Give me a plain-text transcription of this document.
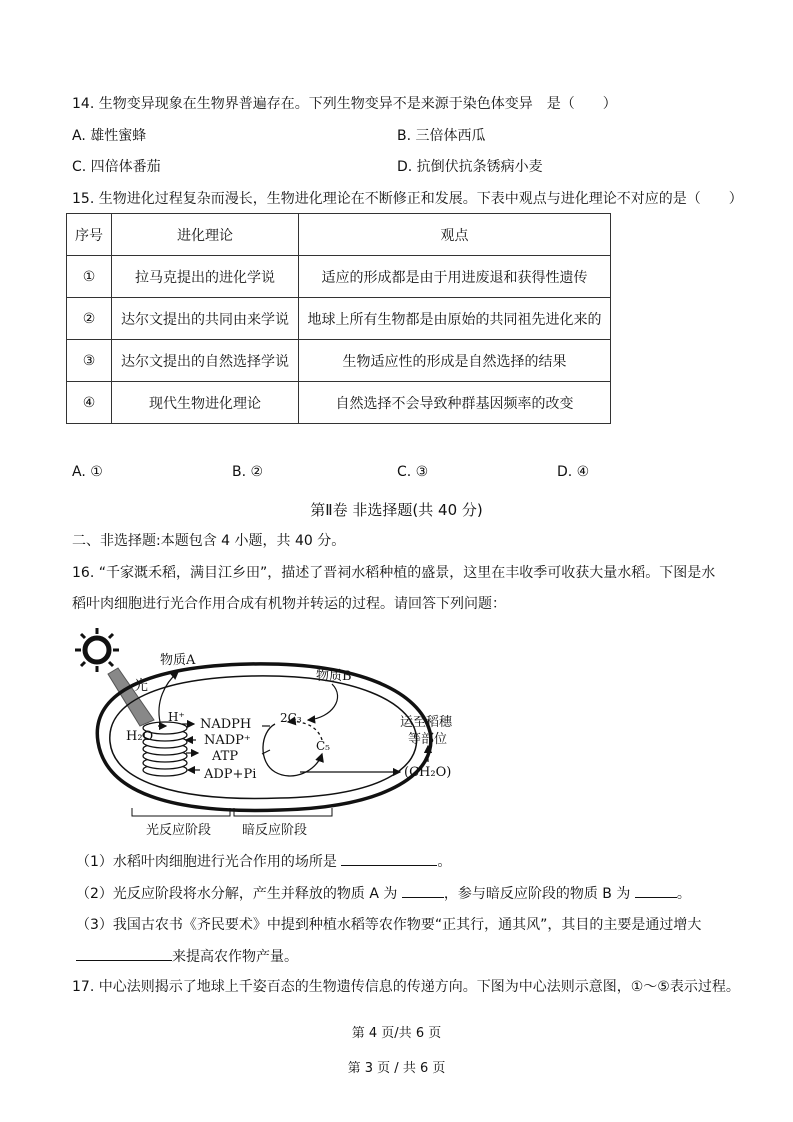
14. 生物变异现象在生物界普遍存在。下列生物变异不是来源于染色体变异　是（　　）
A. 雄性蜜蜂	B. 三倍体西瓜
C. 四倍体番茄	D. 抗倒伏抗条锈病小麦
15. 生物进化过程复杂而漫长，生物进化理论在不断修正和发展。下表中观点与进化理论不对应的是（　　）
序号	进化理论	观点
①	拉马克提出的进化学说	适应的形成都是由于用进废退和获得性遗传
②	达尔文提出的共同由来学说	地球上所有生物都是由原始的共同祖先进化来的
③	达尔文提出的自然选择学说	生物适应性的形成是自然选择的结果
④	现代生物进化理论	自然选择不会导致种群基因频率的改变
A. ①	B. ②	C. ③	D. ④
第Ⅱ卷 非选择题(共 40 分)
二、非选择题:本题包含 4 小题，共 40 分。
16. “千家溉禾稻，满目江乡田”，描述了晋祠水稻种植的盛景，这里在丰收季可收获大量水稻。下图是水
稻叶肉细胞进行光合作用合成有机物并转运的过程。请回答下列问题：
光
H₂O
H⁺
物质A
NADPH
NADP⁺
ATP
ADP+Pi
2C₃
C₅
物质B
(CH₂O)
运至稻穗
等部位
光反应阶段 暗反应阶段
（1）水稻叶肉细胞进行光合作用的场所是	。
（2）光反应阶段将水分解，产生并释放的物质 A 为	，参与暗反应阶段的物质 B 为	。
（3）我国古农书《齐民要术》中提到种植水稻等农作物要“正其行，通其风”，其目的主要是通过增大
来提高农作物产量。
17. 中心法则揭示了地球上千姿百态的生物遗传信息的传递方向。下图为中心法则示意图，①～⑤表示过程。
第 4 页/共 6 页
第 3 页 / 共 6 页
